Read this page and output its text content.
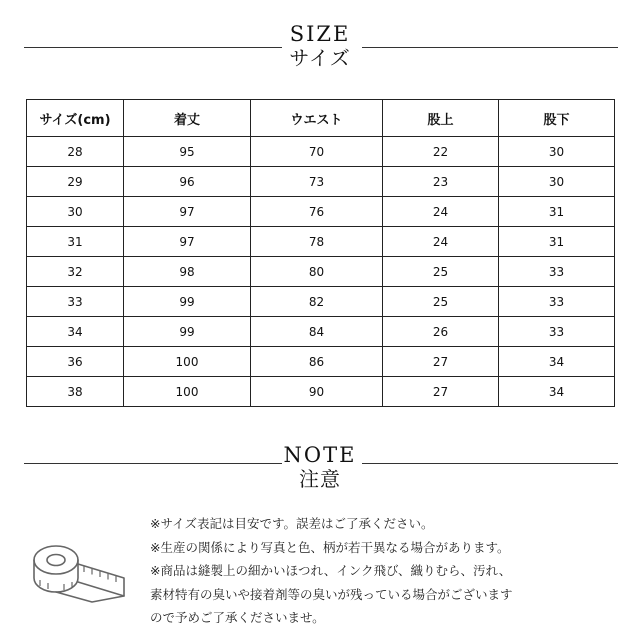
SIZE
サイズ
サイズ(cm)	着丈	ウエスト	股上	股下
28	95	70	22	30
29	96	73	23	30
30	97	76	24	31
31	97	78	24	31
32	98	80	25	33
33	99	82	25	33
34	99	84	26	33
36	100	86	27	34
38	100	90	27	34
NOTE
注意
※サイズ表記は目安です。誤差はご了承ください。
※生産の関係により写真と色、柄が若干異なる場合があります。
※商品は縫製上の細かいほつれ、インク飛び、織りむら、汚れ、
素材特有の臭いや接着剤等の臭いが残っている場合がございます
ので予めご了承くださいませ。
